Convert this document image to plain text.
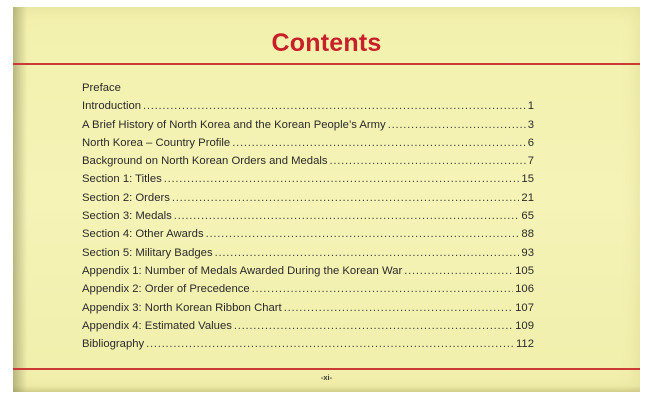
Contents
Preface
Introduction . . .	1
A Brief History of North Korea and the Korean People’s Army . . .	3
North Korea – Country Profile . . .	6
Background on North Korean Orders and Medals . . .	7
Section 1: Titles . . .	15
Section 2: Orders . . .	21
Section 3: Medals . . .	65
Section 4: Other Awards . . .	88
Section 5: Military Badges . . .	93
Appendix 1: Number of Medals Awarded During the Korean War . . .	105
Appendix 2: Order of Precedence . . .	106
Appendix 3: North Korean Ribbon Chart . . .	107
Appendix 4: Estimated Values . . .	109
Bibliography . . .	112
-xi-
